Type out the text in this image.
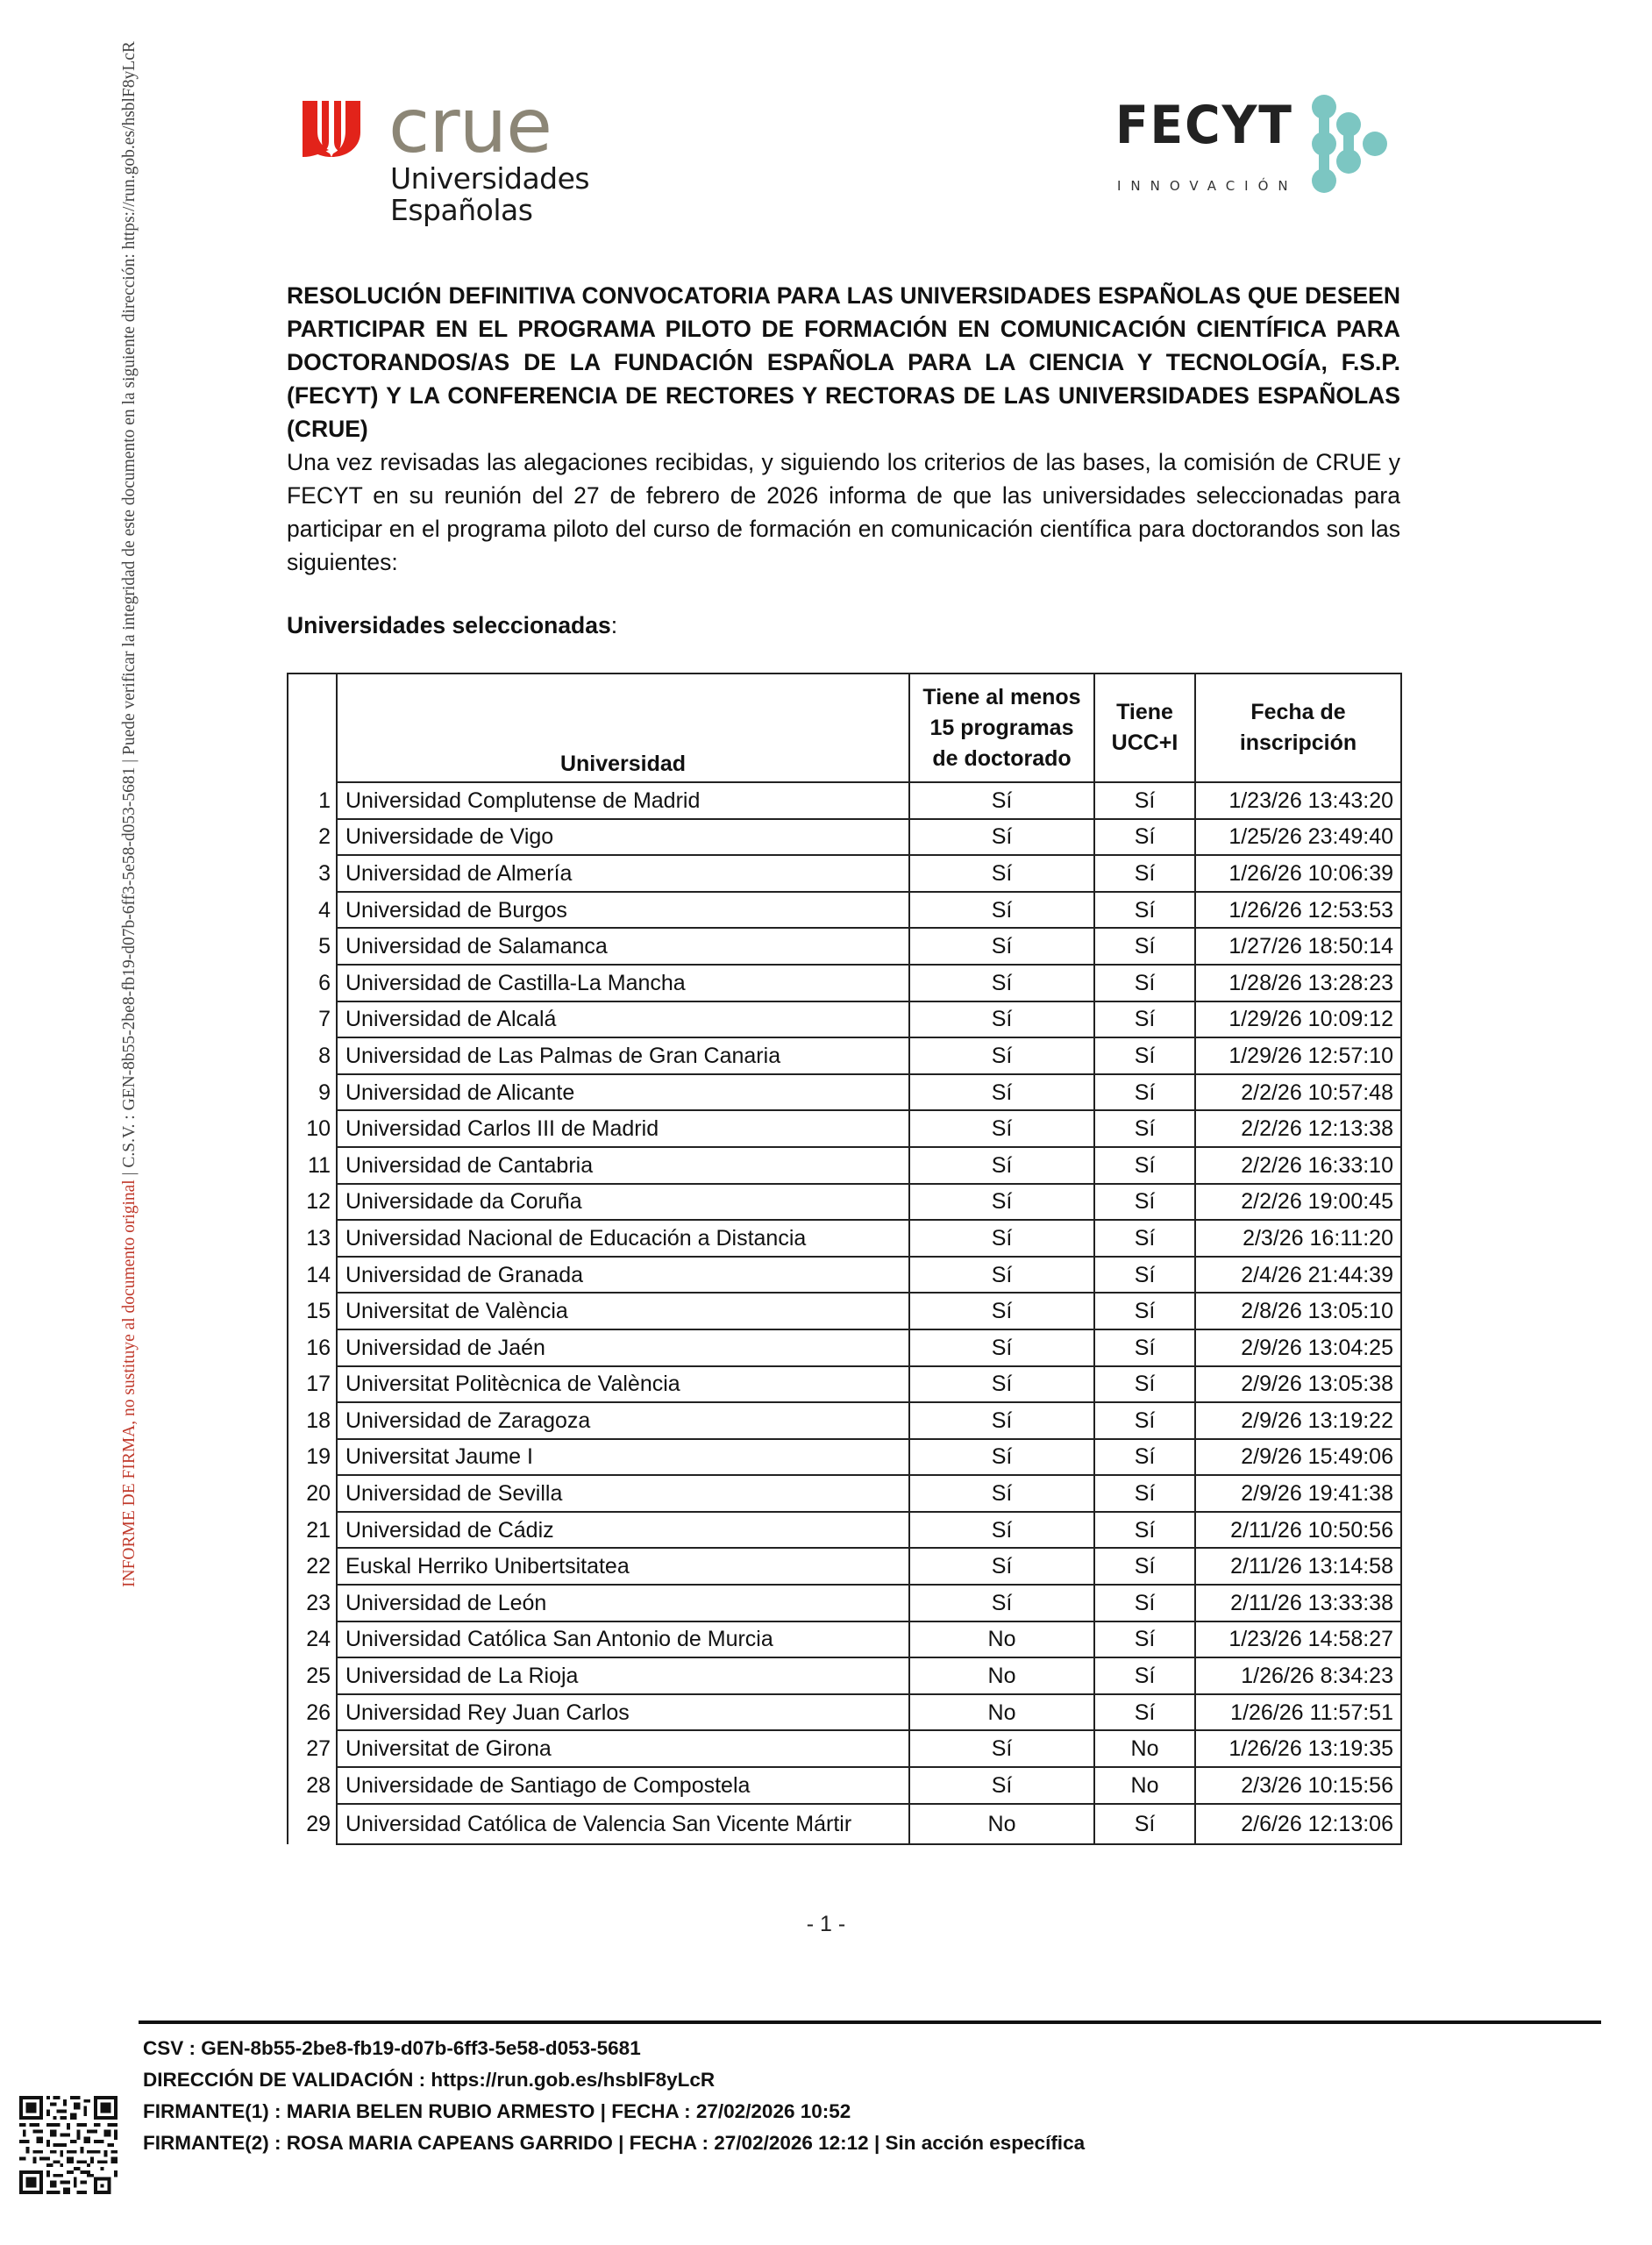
INFORME DE FIRMA, no sustituye al documento original | C.S.V. : GEN-8b55-2be8-fb19-d07b-6ff3-5e58-d053-5681 | Puede verificar la integridad de este documento en la siguiente dirección: https://run.gob.es/hsblF8yLcR	crue
Universidades
Españolas
FECYT
INNOVACIÓN
RESOLUCIÓN DEFINITIVA CONVOCATORIA PARA LAS UNIVERSIDADES ESPAÑOLAS QUE DESEEN PARTICIPAR EN EL PROGRAMA PILOTO DE FORMACIÓN EN COMUNICACIÓN CIENTÍFICA PARA DOCTORANDOS/AS DE LA FUNDACIÓN ESPAÑOLA PARA LA CIENCIA Y TECNOLOGÍA, F.S.P. (FECYT) Y LA CONFERENCIA DE RECTORES Y RECTORAS DE LAS UNIVERSIDADES ESPAÑOLAS (CRUE)
Una vez revisadas las alegaciones recibidas, y siguiendo los criterios de las bases, la comisión de CRUE y FECYT en su reunión del 27 de febrero de 2026 informa de que las universidades seleccionadas para participar en el programa piloto del curso de formación en comunicación científica para doctorandos son las siguientes:
Universidades seleccionadas:
	Universidad	Tiene al menos 15 programas de doctorado	Tiene UCC+I	Fecha de inscripción
1	Universidad Complutense de Madrid	Sí	Sí	1/23/26 13:43:20
2	Universidade de Vigo	Sí	Sí	1/25/26 23:49:40
3	Universidad de Almería	Sí	Sí	1/26/26 10:06:39
4	Universidad de Burgos	Sí	Sí	1/26/26 12:53:53
5	Universidad de Salamanca	Sí	Sí	1/27/26 18:50:14
6	Universidad de Castilla-La Mancha	Sí	Sí	1/28/26 13:28:23
7	Universidad de Alcalá	Sí	Sí	1/29/26 10:09:12
8	Universidad de Las Palmas de Gran Canaria	Sí	Sí	1/29/26 12:57:10
9	Universidad de Alicante	Sí	Sí	2/2/26 10:57:48
10	Universidad Carlos III de Madrid	Sí	Sí	2/2/26 12:13:38
11	Universidad de Cantabria	Sí	Sí	2/2/26 16:33:10
12	Universidade da Coruña	Sí	Sí	2/2/26 19:00:45
13	Universidad Nacional de Educación a Distancia	Sí	Sí	2/3/26 16:11:20
14	Universidad de Granada	Sí	Sí	2/4/26 21:44:39
15	Universitat de València	Sí	Sí	2/8/26 13:05:10
16	Universidad de Jaén	Sí	Sí	2/9/26 13:04:25
17	Universitat Politècnica de València	Sí	Sí	2/9/26 13:05:38
18	Universidad de Zaragoza	Sí	Sí	2/9/26 13:19:22
19	Universitat Jaume I	Sí	Sí	2/9/26 15:49:06
20	Universidad de Sevilla	Sí	Sí	2/9/26 19:41:38
21	Universidad de Cádiz	Sí	Sí	2/11/26 10:50:56
22	Euskal Herriko Unibertsitatea	Sí	Sí	2/11/26 13:14:58
23	Universidad de León	Sí	Sí	2/11/26 13:33:38
24	Universidad Católica San Antonio de Murcia	No	Sí	1/23/26 14:58:27
25	Universidad de La Rioja	No	Sí	1/26/26 8:34:23
26	Universidad Rey Juan Carlos	No	Sí	1/26/26 11:57:51
27	Universitat de Girona	Sí	No	1/26/26 13:19:35
28	Universidade de Santiago de Compostela	Sí	No	2/3/26 10:15:56
29	Universidad Católica de Valencia San Vicente Mártir	No	Sí	2/6/26 12:13:06
- 1 -
CSV : GEN-8b55-2be8-fb19-d07b-6ff3-5e58-d053-5681
DIRECCIÓN DE VALIDACIÓN : https://run.gob.es/hsblF8yLcR
FIRMANTE(1) : MARIA BELEN RUBIO ARMESTO | FECHA : 27/02/2026 10:52
FIRMANTE(2) : ROSA MARIA CAPEANS GARRIDO | FECHA : 27/02/2026 12:12 | Sin acción específica
